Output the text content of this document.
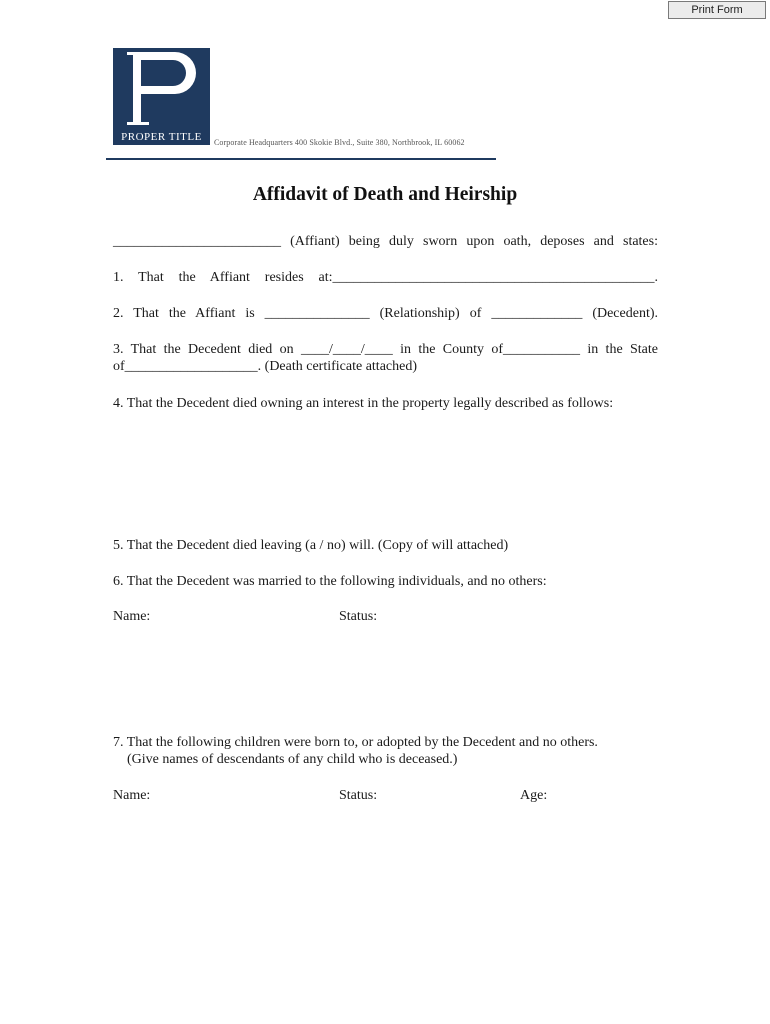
Print Form
PROPER TITLE Corporate Headquarters 400 Skokie Blvd., Suite 380, Northbrook, IL 60062
Affidavit of Death and Heirship
________________________ (Affiant) being duly sworn upon oath, deposes and states:
1. That the Affiant resides at:______________________________________________.
2. That the Affiant is _______________ (Relationship) of _____________ (Decedent).
3. That the Decedent died on ____/____/____ in the County of___________ in the State
of___________________. (Death certificate attached)
4. That the Decedent died owning an interest in the property legally described as follows:
5. That the Decedent died leaving (a / no) will. (Copy of will attached)
6. That the Decedent was married to the following individuals, and no others:
Name:	Status:
7. That the following children were born to, or adopted by the Decedent and no others.
(Give names of descendants of any child who is deceased.)
Name:	Status:	Age:
